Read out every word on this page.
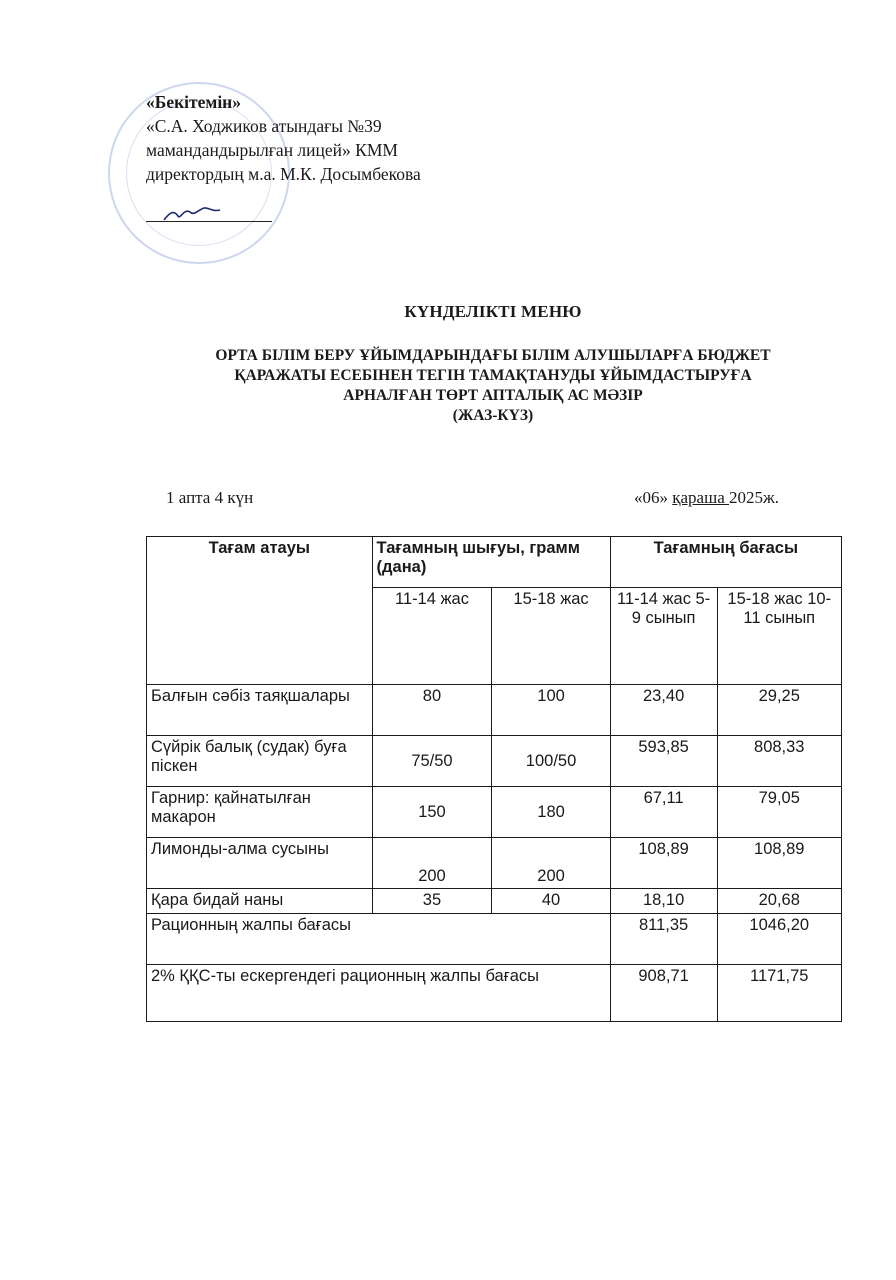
«Бекітемін»
«С.А. Ходжиков атындағы №39
мамандандырылған лицей» КММ
директордың м.а. М.К. Досымбекова
КҮНДЕЛІКТІ МЕНЮ
ОРТА БІЛІМ БЕРУ ҰЙЫМДАРЫНДАҒЫ БІЛІМ АЛУШЫЛАРҒА БЮДЖЕТ
ҚАРАЖАТЫ ЕСЕБІНЕН ТЕГІН ТАМАҚТАНУДЫ ҰЙЫМДАСТЫРУҒА
АРНАЛҒАН ТӨРТ АПТАЛЫҚ АС МӘЗІР
(ЖАЗ-КҮЗ)
1 апта 4 күн	«06» қараша 2025ж.
Тағам атауы	Тағамның шығуы, грамм (дана)		Тағамның бағасы	
	11-14 жас	15-18 жас	11-14 жас 5-9 сынып	15-18 жас 10-11 сынып
Балғын сәбіз таяқшалары	80	100	23,40	29,25
Сүйрік балық (судак) буға піскен	75/50	100/50	593,85	808,33
Гарнир: қайнатылған макарон	150	180	67,11	79,05
Лимонды-алма сусыны	200	200	108,89	108,89
Қара бидай наны	35	40	18,10	20,68
Рационның жалпы бағасы			811,35	1046,20
2% ҚҚС-ты ескергендегі рационның жалпы бағасы			908,71	1171,75
